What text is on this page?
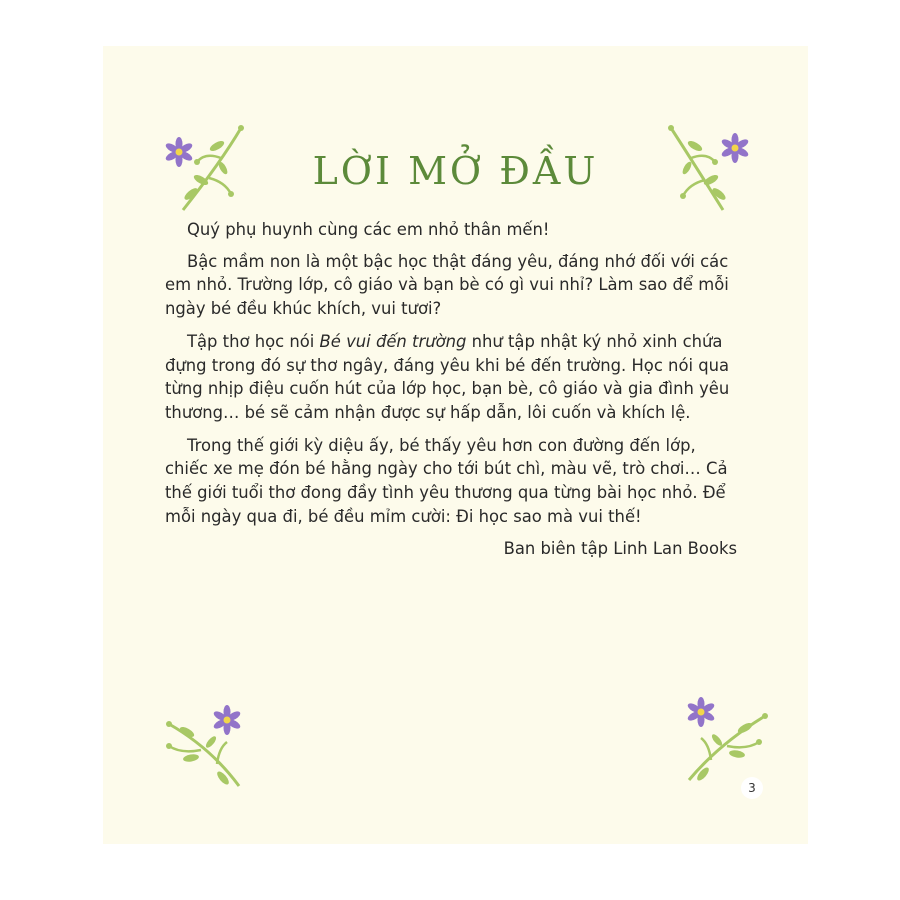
LỜI MỞ ĐẦU

Quý phụ huynh cùng các em nhỏ thân mến!

Bậc mầm non là một bậc học thật đáng yêu, đáng nhớ đối với các em nhỏ. Trường lớp, cô giáo và bạn bè có gì vui nhỉ? Làm sao để mỗi ngày bé đều khúc khích, vui tươi?

Tập thơ học nói Bé vui đến trường như tập nhật ký nhỏ xinh chứa đựng trong đó sự thơ ngây, đáng yêu khi bé đến trường. Học nói qua từng nhịp điệu cuốn hút của lớp học, bạn bè, cô giáo và gia đình yêu thương… bé sẽ cảm nhận được sự hấp dẫn, lôi cuốn và khích lệ.

Trong thế giới kỳ diệu ấy, bé thấy yêu hơn con đường đến lớp, chiếc xe mẹ đón bé hằng ngày cho tới bút chì, màu vẽ, trò chơi… Cả thế giới tuổi thơ đong đầy tình yêu thương qua từng bài học nhỏ. Để mỗi ngày qua đi, bé đều mỉm cười: Đi học sao mà vui thế!

Ban biên tập Linh Lan Books

3
